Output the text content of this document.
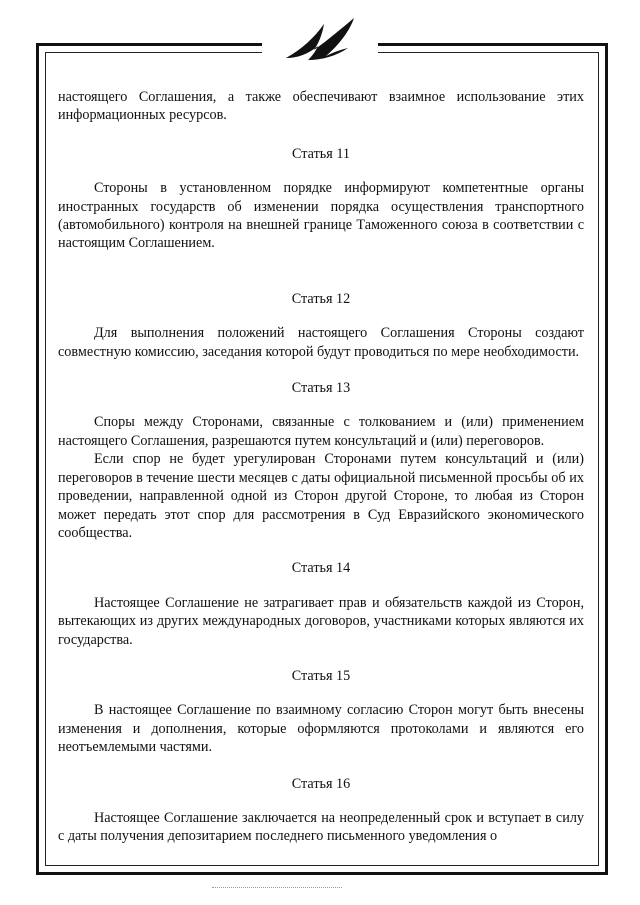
настоящего Соглашения, а также обеспечивают взаимное использование этих информационных ресурсов.

Статья 11

Стороны в установленном порядке информируют компетентные органы иностранных государств об изменении порядка осуществления транспортного (автомобильного) контроля на внешней границе Таможенного союза в соответствии с настоящим Соглашением.

Статья 12

Для выполнения положений настоящего Соглашения Стороны создают совместную комиссию, заседания которой будут проводиться по мере необходимости.

Статья 13

Споры между Сторонами, связанные с толкованием и (или) применением настоящего Соглашения, разрешаются путем консультаций и (или) переговоров.

Если спор не будет урегулирован Сторонами путем консультаций и (или) переговоров в течение шести месяцев с даты официальной письменной просьбы об их проведении, направленной одной из Сторон другой Стороне, то любая из Сторон может передать этот спор для рассмотрения в Суд Евразийского экономического сообщества.

Статья 14

Настоящее Соглашение не затрагивает прав и обязательств каждой из Сторон, вытекающих из других международных договоров, участниками которых являются их государства.

Статья 15

В настоящее Соглашение по взаимному согласию Сторон могут быть внесены изменения и дополнения, которые оформляются протоколами и являются его неотъемлемыми частями.

Статья 16

Настоящее Соглашение заключается на неопределенный срок и вступает в силу с даты получения депозитарием последнего письменного уведомления о
